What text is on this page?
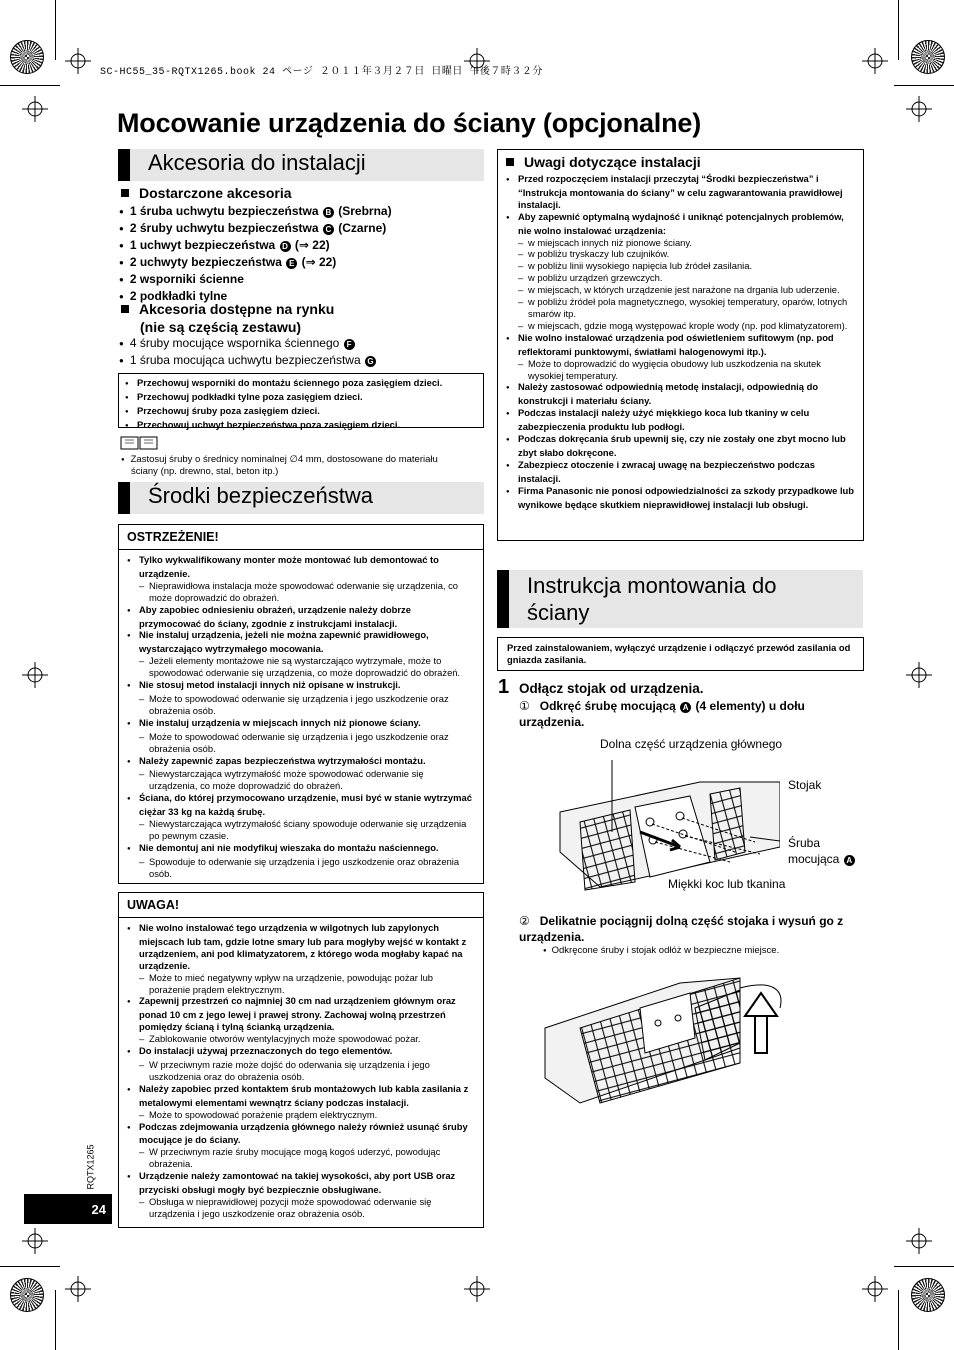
SC-HC55_35-RQTX1265.book 24 ページ ２０１１年３月２７日 日曜日 午後７時３２分
Mocowanie urządzenia do ściany (opcjonalne)
Akcesoria do instalacji
Dostarczone akcesoria
● 1 śruba uchwytu bezpieczeństwa B (Srebrna)
● 2 śruby uchwytu bezpieczeństwa C (Czarne)
● 1 uchwyt bezpieczeństwa D (⇒ 22)
● 2 uchwyty bezpieczeństwa E (⇒ 22)
● 2 wsporniki ścienne
● 2 podkładki tylne
Akcesoria dostępne na rynku
(nie są częścią zestawu)
● 4 śruby mocujące wspornika ściennego F
● 1 śruba mocująca uchwytu bezpieczeństwa G
● Przechowuj wsporniki do montażu ściennego poza zasięgiem dzieci.
● Przechowuj podkładki tylne poza zasięgiem dzieci.
● Przechowuj śruby poza zasięgiem dzieci.
● Przechowuj uchwyt bezpieczeństwa poza zasięgiem dzieci.
● Zastosuj śruby o średnicy nominalnej ∅4 mm, dostosowane do materiału
ściany (np. drewno, stal, beton itp.)
Środki bezpieczeństwa
OSTRZEŻENIE!
● Tylko wykwalifikowany monter może montować lub demontować to urządzenie.
– Nieprawidłowa instalacja może spowodować oderwanie się urządzenia, co może doprowadzić do obrażeń.
● Aby zapobiec odniesieniu obrażeń, urządzenie należy dobrze przymocować do ściany, zgodnie z instrukcjami instalacji.
● Nie instaluj urządzenia, jeżeli nie można zapewnić prawidłowego, wystarczająco wytrzymałego mocowania.
– Jeżeli elementy montażowe nie są wystarczająco wytrzymałe, może to spowodować oderwanie się urządzenia, co może doprowadzić do obrażeń.
● Nie stosuj metod instalacji innych niż opisane w instrukcji.
– Może to spowodować oderwanie się urządzenia i jego uszkodzenie oraz obrażenia osób.
● Nie instaluj urządzenia w miejscach innych niż pionowe ściany.
– Może to spowodować oderwanie się urządzenia i jego uszkodzenie oraz obrażenia osób.
● Należy zapewnić zapas bezpieczeństwa wytrzymałości montażu.
– Niewystarczająca wytrzymałość może spowodować oderwanie się urządzenia, co może doprowadzić do obrażeń.
● Ściana, do której przymocowano urządzenie, musi być w stanie wytrzymać ciężar 33 kg na każdą śrubę.
– Niewystarczająca wytrzymałość ściany spowoduje oderwanie się urządzenia po pewnym czasie.
● Nie demontuj ani nie modyfikuj wieszaka do montażu naściennego.
– Spowoduje to oderwanie się urządzenia i jego uszkodzenie oraz obrażenia osób.
UWAGA!
● Nie wolno instalować tego urządzenia w wilgotnych lub zapylonych miejscach lub tam, gdzie lotne smary lub para mogłyby wejść w kontakt z urządzeniem, ani pod klimatyzatorem, z którego woda mogłaby kapać na urządzenie.
– Może to mieć negatywny wpływ na urządzenie, powodując pożar lub porażenie prądem elektrycznym.
● Zapewnij przestrzeń co najmniej 30 cm nad urządzeniem głównym oraz ponad 10 cm z jego lewej i prawej strony. Zachowaj wolną przestrzeń pomiędzy ścianą i tylną ścianką urządzenia.
– Zablokowanie otworów wentylacyjnych może spowodować pożar.
● Do instalacji używaj przeznaczonych do tego elementów.
– W przeciwnym razie może dojść do oderwania się urządzenia i jego uszkodzenia oraz do obrażenia osób.
● Należy zapobiec przed kontaktem śrub montażowych lub kabla zasilania z metalowymi elementami wewnątrz ściany podczas instalacji.
– Może to spowodować porażenie prądem elektrycznym.
● Podczas zdejmowania urządzenia głównego należy również usunąć śruby mocujące je do ściany.
– W przeciwnym razie śruby mocujące mogą kogoś uderzyć, powodując obrażenia.
● Urządzenie należy zamontować na takiej wysokości, aby port USB oraz przyciski obsługi mogły być bezpiecznie obsługiwane.
– Obsługa w nieprawidłowej pozycji może spowodować oderwanie się urządzenia i jego uszkodzenie oraz obrażenia osób.
RQTX1265
24
Uwagi dotyczące instalacji
● Przed rozpoczęciem instalacji przeczytaj “Środki bezpieczeństwa” i “Instrukcja montowania do ściany” w celu zagwarantowania prawidłowej instalacji.
● Aby zapewnić optymalną wydajność i uniknąć potencjalnych problemów, nie wolno instalować urządzenia:
– w miejscach innych niż pionowe ściany.
– w pobliżu tryskaczy lub czujników.
– w pobliżu linii wysokiego napięcia lub źródeł zasilania.
– w pobliżu urządzeń grzewczych.
– w miejscach, w których urządzenie jest narażone na drgania lub uderzenie.
– w pobliżu źródeł pola magnetycznego, wysokiej temperatury, oparów, lotnych smarów itp.
– w miejscach, gdzie mogą występować krople wody (np. pod klimatyzatorem).
● Nie wolno instalować urządzenia pod oświetleniem sufitowym (np. pod reflektorami punktowymi, światłami halogenowymi itp.).
– Może to doprowadzić do wygięcia obudowy lub uszkodzenia na skutek wysokiej temperatury.
● Należy zastosować odpowiednią metodę instalacji, odpowiednią do konstrukcji i materiału ściany.
● Podczas instalacji należy użyć miękkiego koca lub tkaniny w celu zabezpieczenia produktu lub podłogi.
● Podczas dokręcania śrub upewnij się, czy nie zostały one zbyt mocno lub zbyt słabo dokręcone.
● Zabezpiecz otoczenie i zwracaj uwagę na bezpieczeństwo podczas instalacji.
● Firma Panasonic nie ponosi odpowiedzialności za szkody przypadkowe lub wynikowe będące skutkiem nieprawidłowej instalacji lub obsługi.
Instrukcja montowania do
ściany
Przed zainstalowaniem, wyłączyć urządzenie i odłączyć przewód zasilania od gniazda zasilania.
1 Odłącz stojak od urządzenia.
① Odkręć śrubę mocującą A (4 elementy) u dołu urządzenia.
Dolna część urządzenia głównego
Stojak
Śruba
mocująca A
Miękki koc lub tkanina
② Delikatnie pociągnij dolną część stojaka i wysuń go z urządzenia.
● Odkręcone śruby i stojak odłóż w bezpieczne miejsce.
